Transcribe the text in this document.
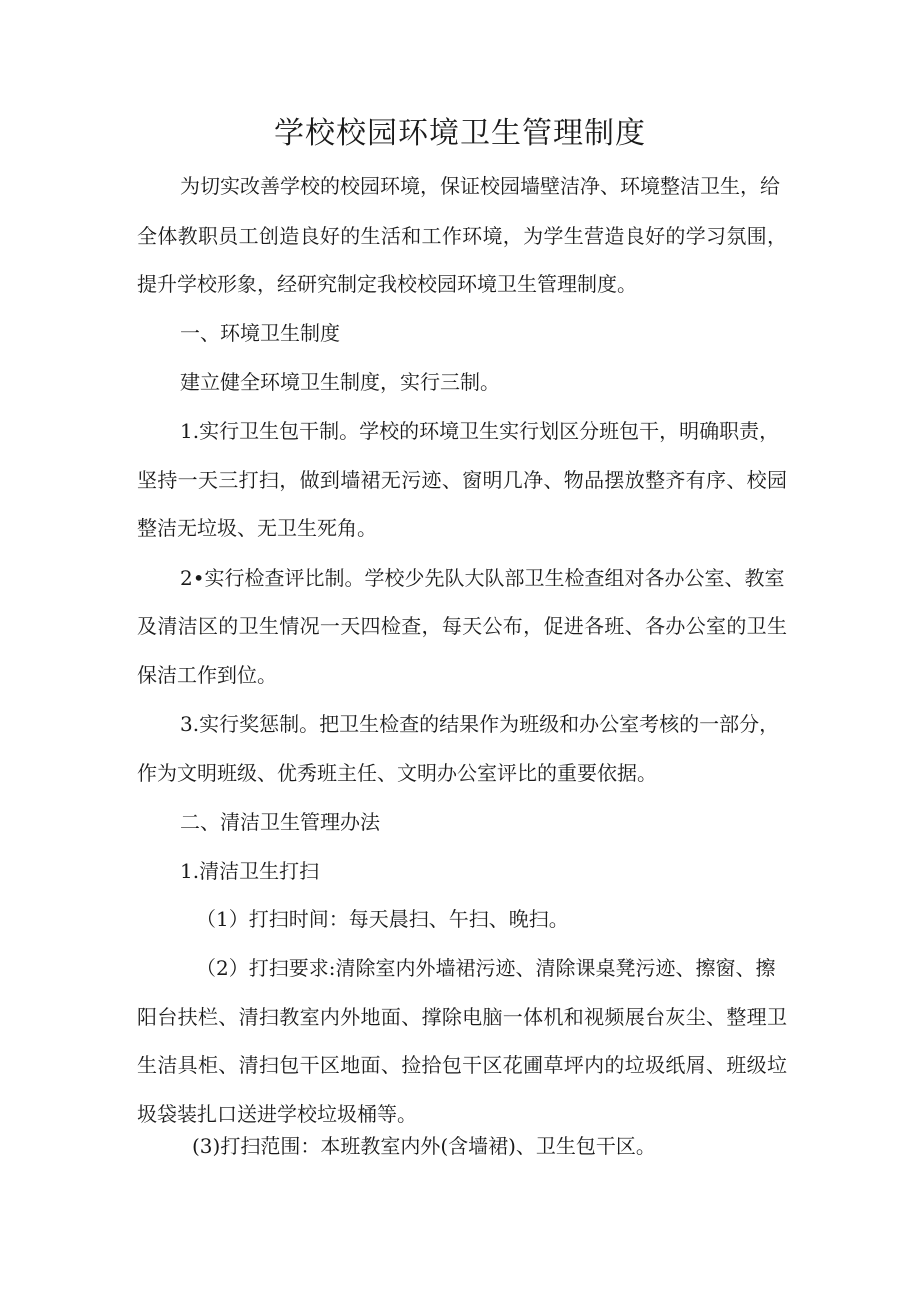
学校校园环境卫生管理制度

为切实改善学校的校园环境，保证校园墙壁洁净、环境整洁卫生，给

全体教职员工创造良好的生活和工作环境，为学生营造良好的学习氛围，

提升学校形象，经研究制定我校校园环境卫生管理制度。

一、环境卫生制度

建立健全环境卫生制度，实行三制。

1.实行卫生包干制。学校的环境卫生实行划区分班包干，明确职责，

坚持一天三打扫，做到墙裙无污迹、窗明几净、物品摆放整齐有序、校园

整洁无垃圾、无卫生死角。

2•实行检查评比制。学校少先队大队部卫生检查组对各办公室、教室

及清洁区的卫生情况一天四检查，每天公布，促进各班、各办公室的卫生

保洁工作到位。

3.实行奖惩制。把卫生检查的结果作为班级和办公室考核的一部分，

作为文明班级、优秀班主任、文明办公室评比的重要依据。

二、清洁卫生管理办法

1.清洁卫生打扫

（1）打扫时间：每天晨扫、午扫、晚扫。

（2）打扫要求:清除室内外墙裙污迹、清除课桌凳污迹、擦窗、擦

阳台扶栏、清扫教室内外地面、撑除电脑一体机和视频展台灰尘、整理卫

生洁具柜、清扫包干区地面、捡拾包干区花圃草坪内的垃圾纸屑、班级垃

圾袋装扎口送进学校垃圾桶等。

(3)打扫范围：本班教室内外(含墙裙)、卫生包干区。
